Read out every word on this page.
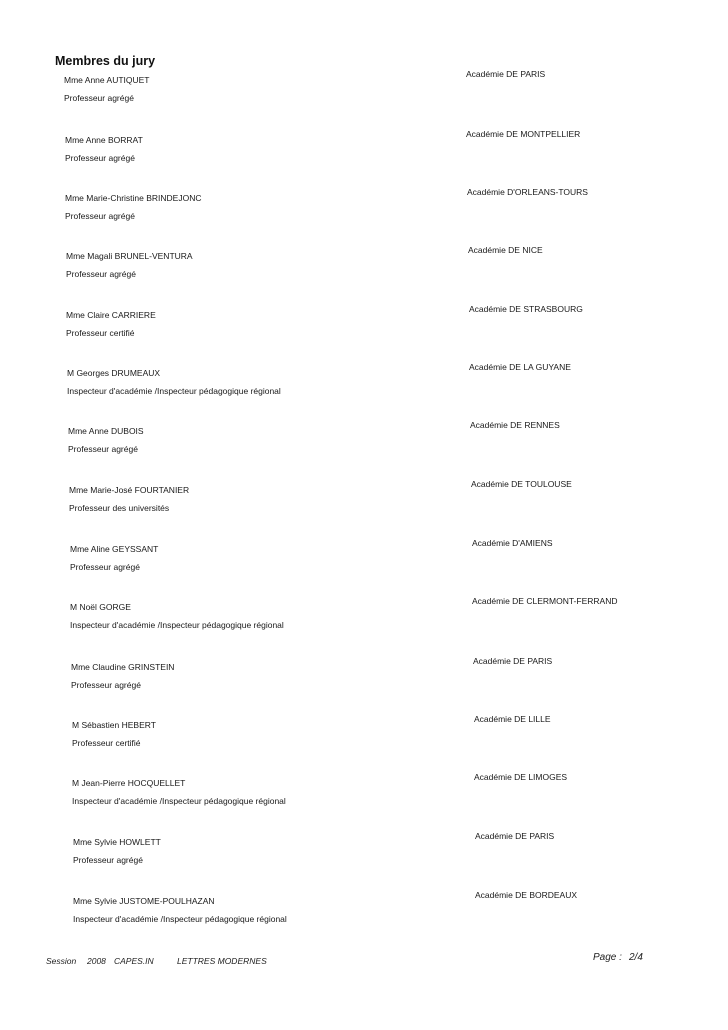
Membres du jury
Mme Anne AUTIQUET
Professeur agrégé
Académie DE PARIS
Mme Anne BORRAT
Professeur agrégé
Académie DE MONTPELLIER
Mme Marie-Christine BRINDEJONC
Professeur agrégé
Académie D'ORLEANS-TOURS
Mme Magali BRUNEL-VENTURA
Professeur agrégé
Académie DE NICE
Mme Claire CARRIERE
Professeur certifié
Académie DE STRASBOURG
M Georges DRUMEAUX
Inspecteur d'académie /Inspecteur pédagogique régional
Académie DE LA GUYANE
Mme Anne DUBOIS
Professeur agrégé
Académie DE RENNES
Mme Marie-José FOURTANIER
Professeur des universités
Académie DE TOULOUSE
Mme Aline GEYSSANT
Professeur agrégé
Académie D'AMIENS
M Noël GORGE
Inspecteur d'académie /Inspecteur pédagogique régional
Académie DE CLERMONT-FERRAND
Mme Claudine GRINSTEIN
Professeur agrégé
Académie DE PARIS
M Sébastien HEBERT
Professeur certifié
Académie DE LILLE
M Jean-Pierre HOCQUELLET
Inspecteur d'académie /Inspecteur pédagogique régional
Académie DE LIMOGES
Mme Sylvie HOWLETT
Professeur agrégé
Académie DE PARIS
Mme Sylvie JUSTOME-POULHAZAN
Inspecteur d'académie /Inspecteur pédagogique régional
Académie DE BORDEAUX
Session 2008 CAPES.IN	LETTRES MODERNES	Page : 2/4
